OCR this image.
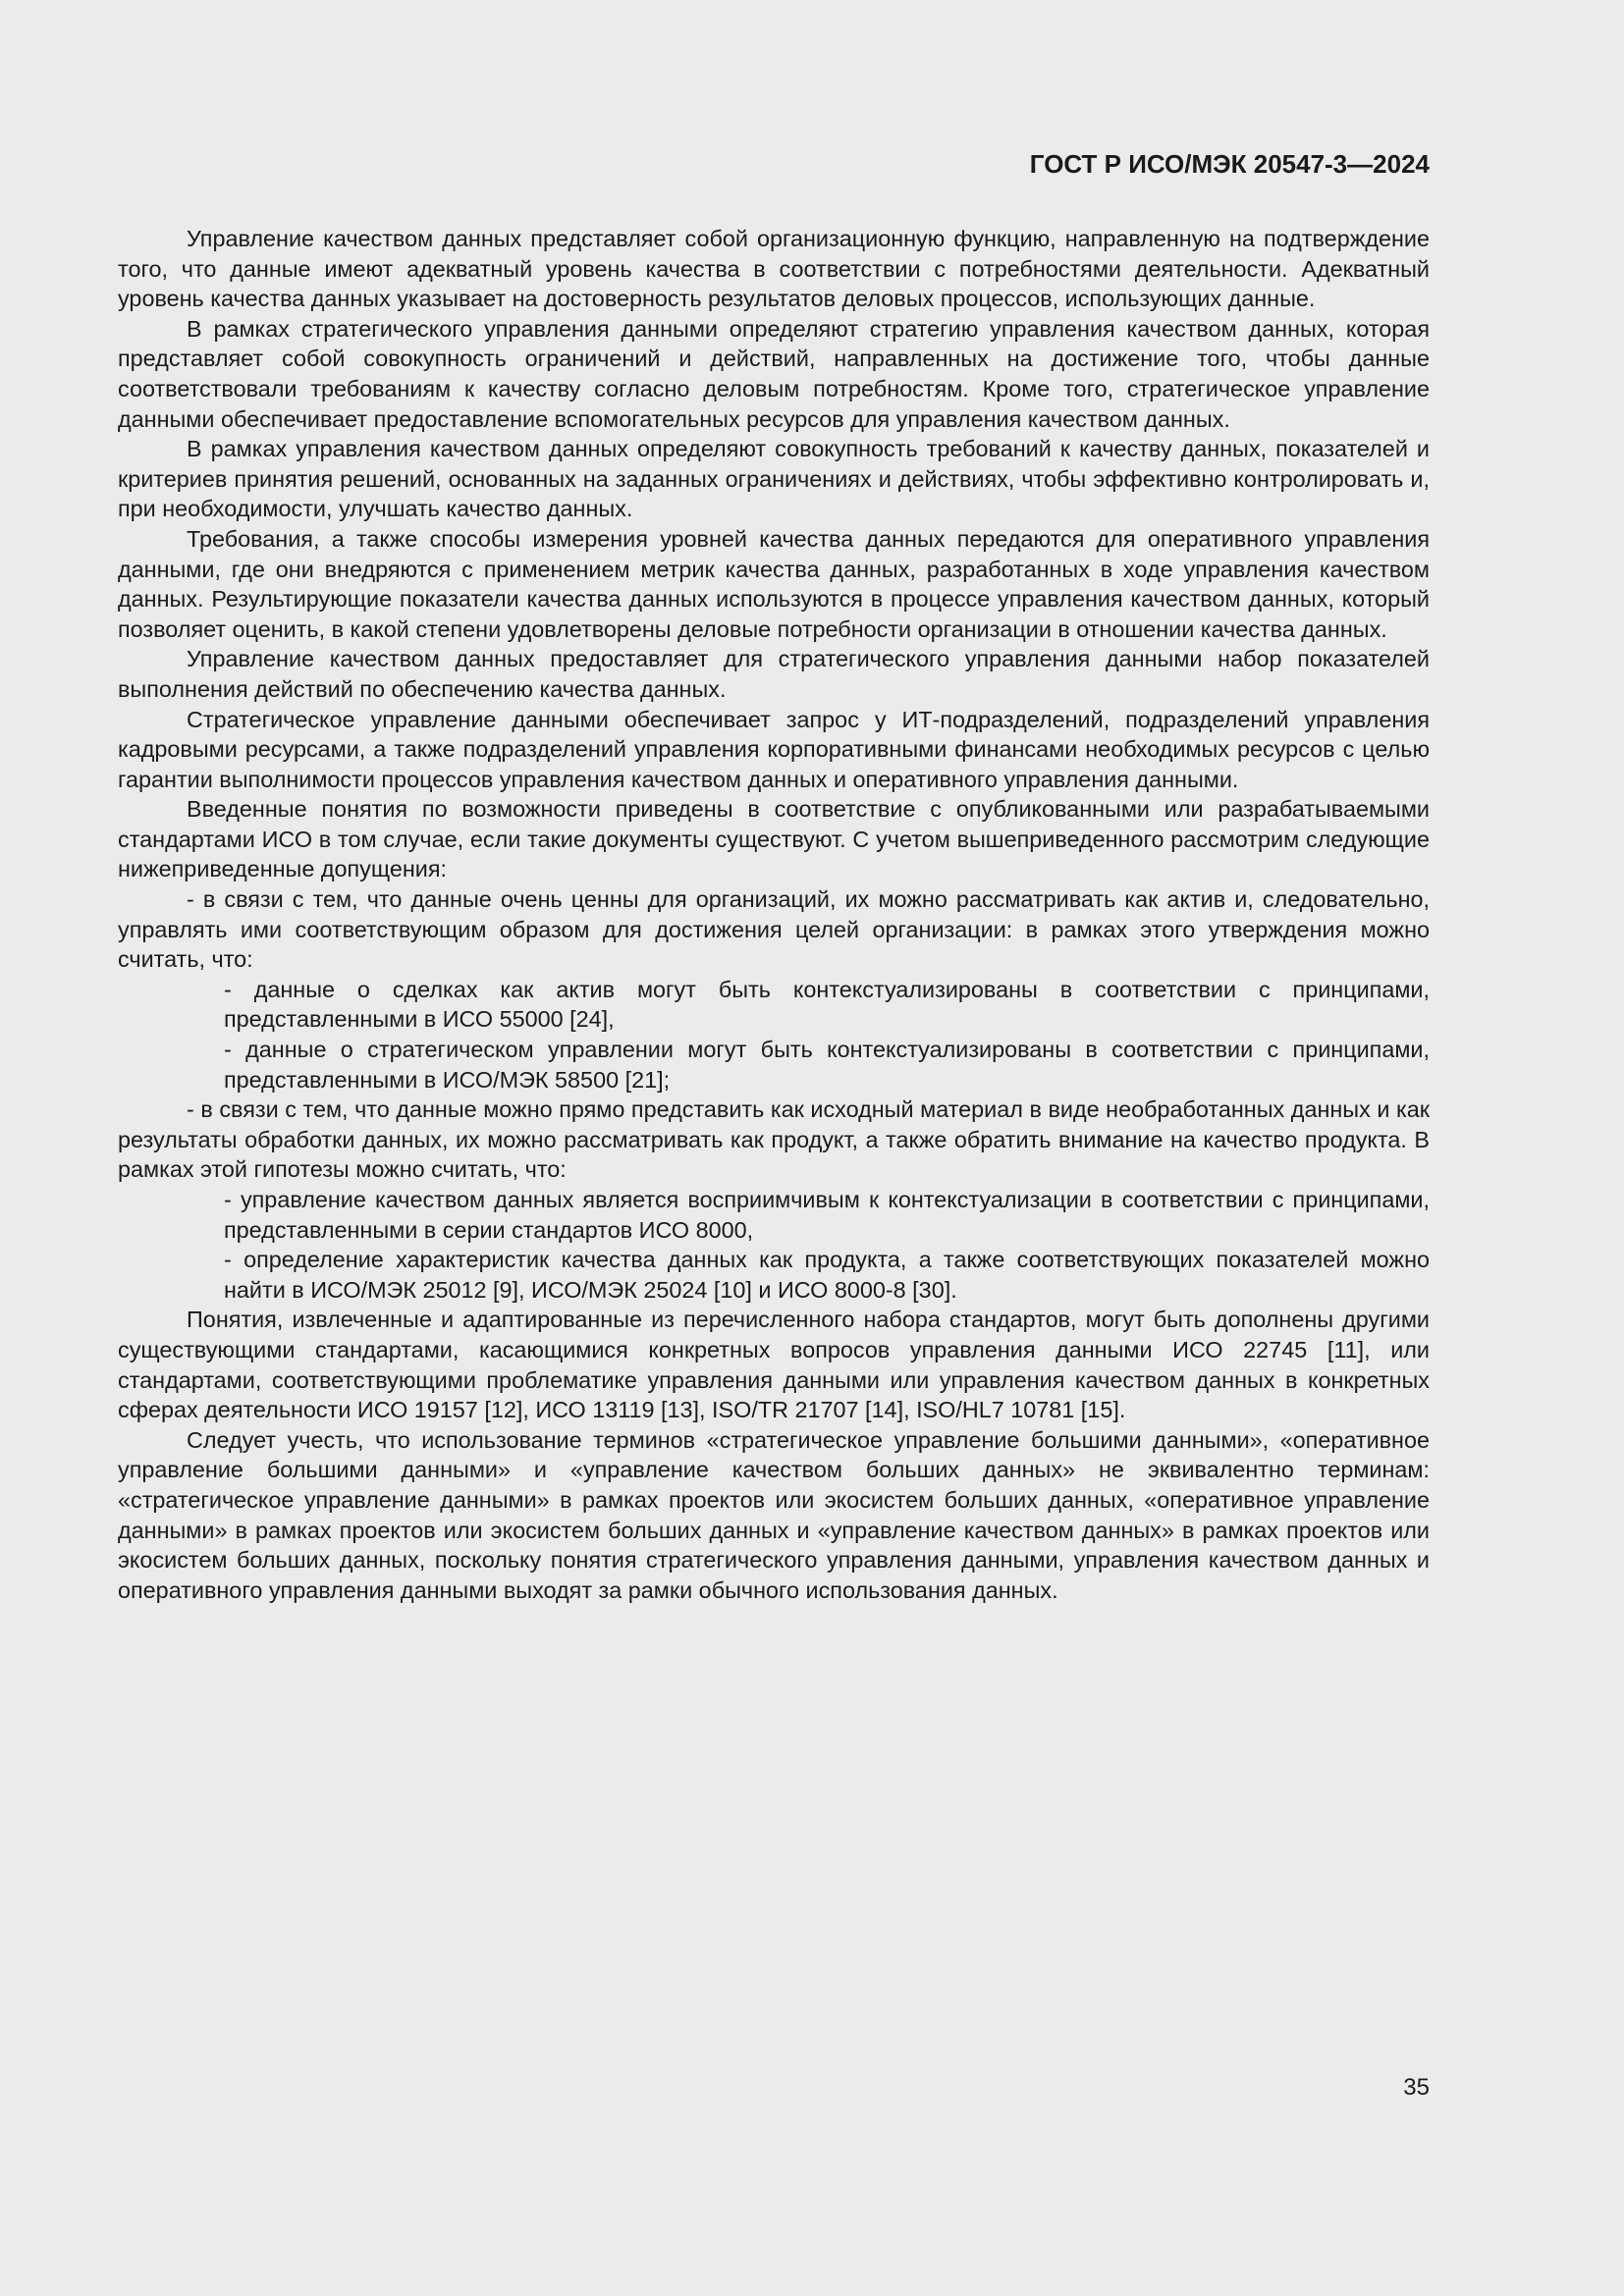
ГОСТ Р ИСО/МЭК 20547-3—2024

Управление качеством данных представляет собой организационную функцию, направленную на подтверждение того, что данные имеют адекватный уровень качества в соответствии с потребностями деятельности. Адекватный уровень качества данных указывает на достоверность результатов деловых процессов, использующих данные.

В рамках стратегического управления данными определяют стратегию управления качеством данных, которая представляет собой совокупность ограничений и действий, направленных на достижение того, чтобы данные соответствовали требованиям к качеству согласно деловым потребностям. Кроме того, стратегическое управление данными обеспечивает предоставление вспомогательных ресурсов для управления качеством данных.

В рамках управления качеством данных определяют совокупность требований к качеству данных, показателей и критериев принятия решений, основанных на заданных ограничениях и действиях, чтобы эффективно контролировать и, при необходимости, улучшать качество данных.

Требования, а также способы измерения уровней качества данных передаются для оперативного управления данными, где они внедряются с применением метрик качества данных, разработанных в ходе управления качеством данных. Результирующие показатели качества данных используются в процессе управления качеством данных, который позволяет оценить, в какой степени удовлетворены деловые потребности организации в отношении качества данных.

Управление качеством данных предоставляет для стратегического управления данными набор показателей выполнения действий по обеспечению качества данных.

Стратегическое управление данными обеспечивает запрос у ИТ-подразделений, подразделений управления кадровыми ресурсами, а также подразделений управления корпоративными финансами необходимых ресурсов с целью гарантии выполнимости процессов управления качеством данных и оперативного управления данными.

Введенные понятия по возможности приведены в соответствие с опубликованными или разрабатываемыми стандартами ИСО в том случае, если такие документы существуют. С учетом вышеприведенного рассмотрим следующие нижеприведенные допущения:

- в связи с тем, что данные очень ценны для организаций, их можно рассматривать как актив и, следовательно, управлять ими соответствующим образом для достижения целей организации: в рамках этого утверждения можно считать, что:

- данные о сделках как актив могут быть контекстуализированы в соответствии с принципами, представленными в ИСО 55000 [24],

- данные о стратегическом управлении могут быть контекстуализированы в соответствии с принципами, представленными в ИСО/МЭК 58500 [21];

- в связи с тем, что данные можно прямо представить как исходный материал в виде необработанных данных и как результаты обработки данных, их можно рассматривать как продукт, а также обратить внимание на качество продукта. В рамках этой гипотезы можно считать, что:

- управление качеством данных является восприимчивым к контекстуализации в соответствии с принципами, представленными в серии стандартов ИСО 8000,

- определение характеристик качества данных как продукта, а также соответствующих показателей можно найти в ИСО/МЭК 25012 [9], ИСО/МЭК 25024 [10] и ИСО 8000-8 [30].

Понятия, извлеченные и адаптированные из перечисленного набора стандартов, могут быть дополнены другими существующими стандартами, касающимися конкретных вопросов управления данными ИСО 22745 [11], или стандартами, соответствующими проблематике управления данными или управления качеством данных в конкретных сферах деятельности ИСО 19157 [12], ИСО 13119 [13], ISO/TR 21707 [14], ISO/HL7 10781 [15].

Следует учесть, что использование терминов «стратегическое управление большими данными», «оперативное управление большими данными» и «управление качеством больших данных» не эквивалентно терминам: «стратегическое управление данными» в рамках проектов или экосистем больших данных, «оперативное управление данными» в рамках проектов или экосистем больших данных и «управление качеством данных» в рамках проектов или экосистем больших данных, поскольку понятия стратегического управления данными, управления качеством данных и оперативного управления данными выходят за рамки обычного использования данных.

35
